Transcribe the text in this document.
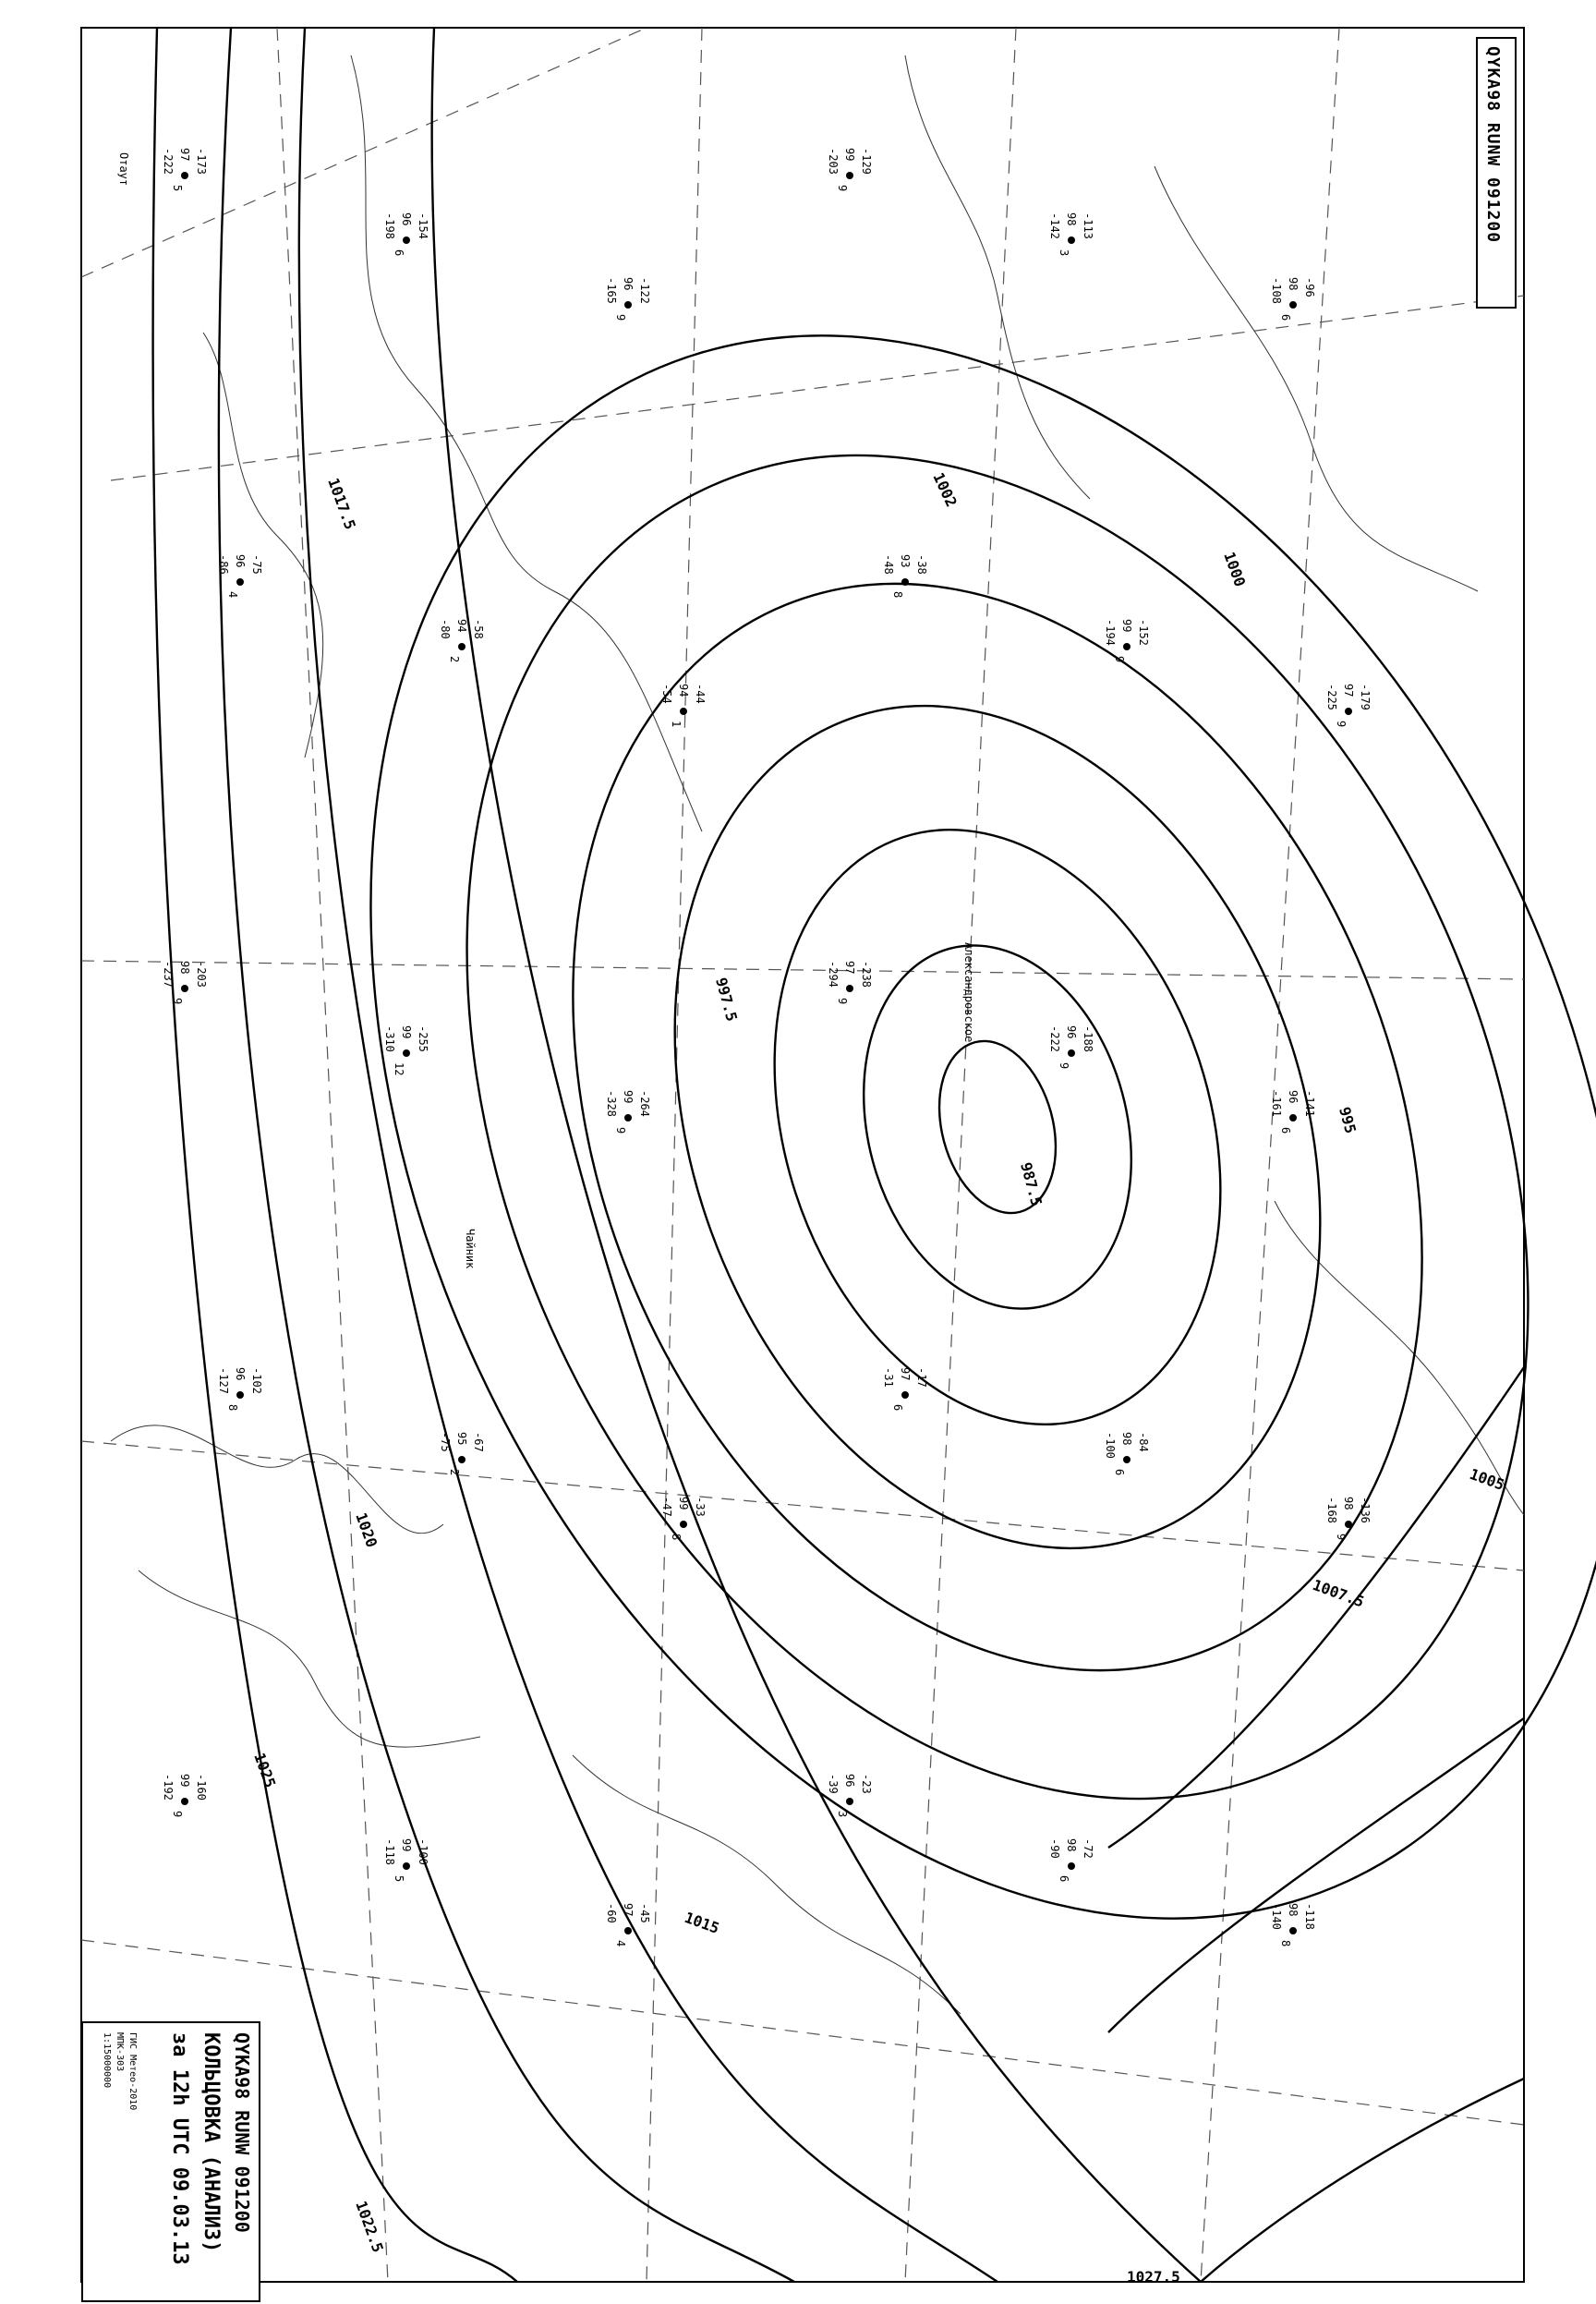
987.5
995
997.5
1000
1002
1005
1007.5
1015
1017.5
1020
1022.5
1025
1027.5
-173
97
-222
5
-154
96
-198
6
-122
96
-165
9
-129
99
-203
9
-113
98
-142
3
-96
98
-108
6
-75
96
-86
4
-58
94
-80
2
-44
94
-54
1
-38
93
-48
8
-152
99
-194
9
-179
97
-225
9
-203
98
-237
9
-255
99
-310
12
-264
99
-328
9
-238
97
-294
9
-188
96
-222
9
-141
96
-161
6
-102
96
-127
8
-67
95
-75
2
-33
99
-47
8
-17
97
-31
6
-84
98
-100
6
-136
98
-168
9
-160
99
-192
9
-100
99
-118
5
-45
97
-60
4
-23
96
-39
3
-72
98
-90
6
-118
98
-140
8
Александровское
Отаут
Чайник
QYKA98 RUNW 091200
QYKA98 RUNW 091200
КОЛЬЦОВКА (АНАЛИЗ)
за 12h UTC 09.03.13
ГИС Метео-2010
МПК-303
1:15000000
